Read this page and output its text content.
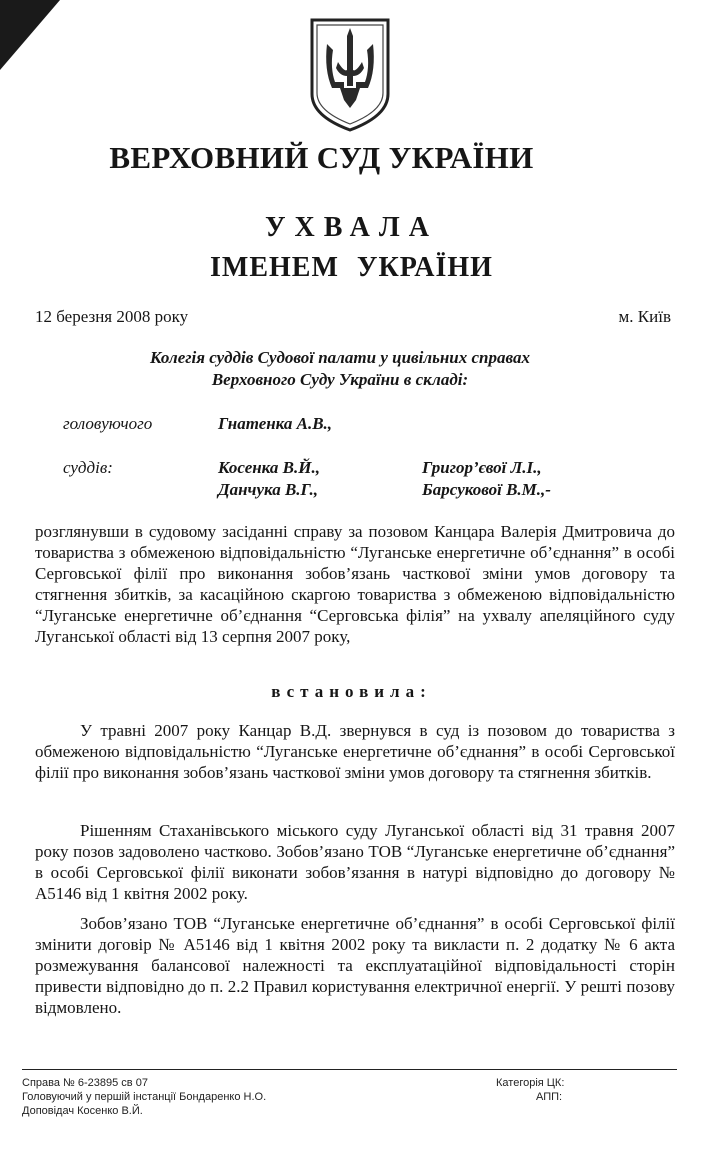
ВЕРХОВНИЙ СУД УКРАЇНИ
УХВАЛА
ІМЕНЕМ УКРАЇНИ
12 березня 2008 року	м. Київ
Колегія суддів Судової палати у цивільних справах
Верховного Суду України в складі:
головуючого	Гнатенка А.В.,
суддів:	Косенка В.Й.,	Григор’євої Л.І.,
Данчука В.Г.,	Барсукової В.М.,-

розглянувши в судовому засіданні справу за позовом Канцара Валерія Дмитровича до товариства з обмеженою відповідальністю “Луганське енергетичне об’єднання” в особі Серговської філії про виконання зобов’язань часткової зміни умов договору та стягнення збитків, за касаційною скаргою товариства з обмеженою відповідальністю “Луганське енергетичне об’єднання “Серговська філія” на ухвалу апеляційного суду Луганської області від 13 серпня 2007 року,

встановила:

У травні 2007 року Канцар В.Д. звернувся в суд із позовом до товариства з обмеженою відповідальністю “Луганське енергетичне об’єднання” в особі Серговської філії про виконання зобов’язань часткової зміни умов договору та стягнення збитків.

Рішенням Стаханівського міського суду Луганської області від 31 травня 2007 року позов задоволено частково. Зобов’язано ТОВ “Луганське енергетичне об’єднання” в особі Серговської філії виконати зобов’язання в натурі відповідно до договору № А5146 від 1 квітня 2002 року.

Зобов’язано ТОВ “Луганське енергетичне об’єднання” в особі Серговської філії змінити договір № А5146 від 1 квітня 2002 року та викласти п. 2 додатку № 6 акта розмежування балансової належності та експлуатаційної відповідальності сторін привести відповідно до п. 2.2 Правил користування електричної енергії. У решті позову відмовлено.

Справа № 6-23895 св 07
Головуючий у першій інстанції Бондаренко Н.О.
Доповідач Косенко В.Й.
Категорія ЦК:
АПП:
